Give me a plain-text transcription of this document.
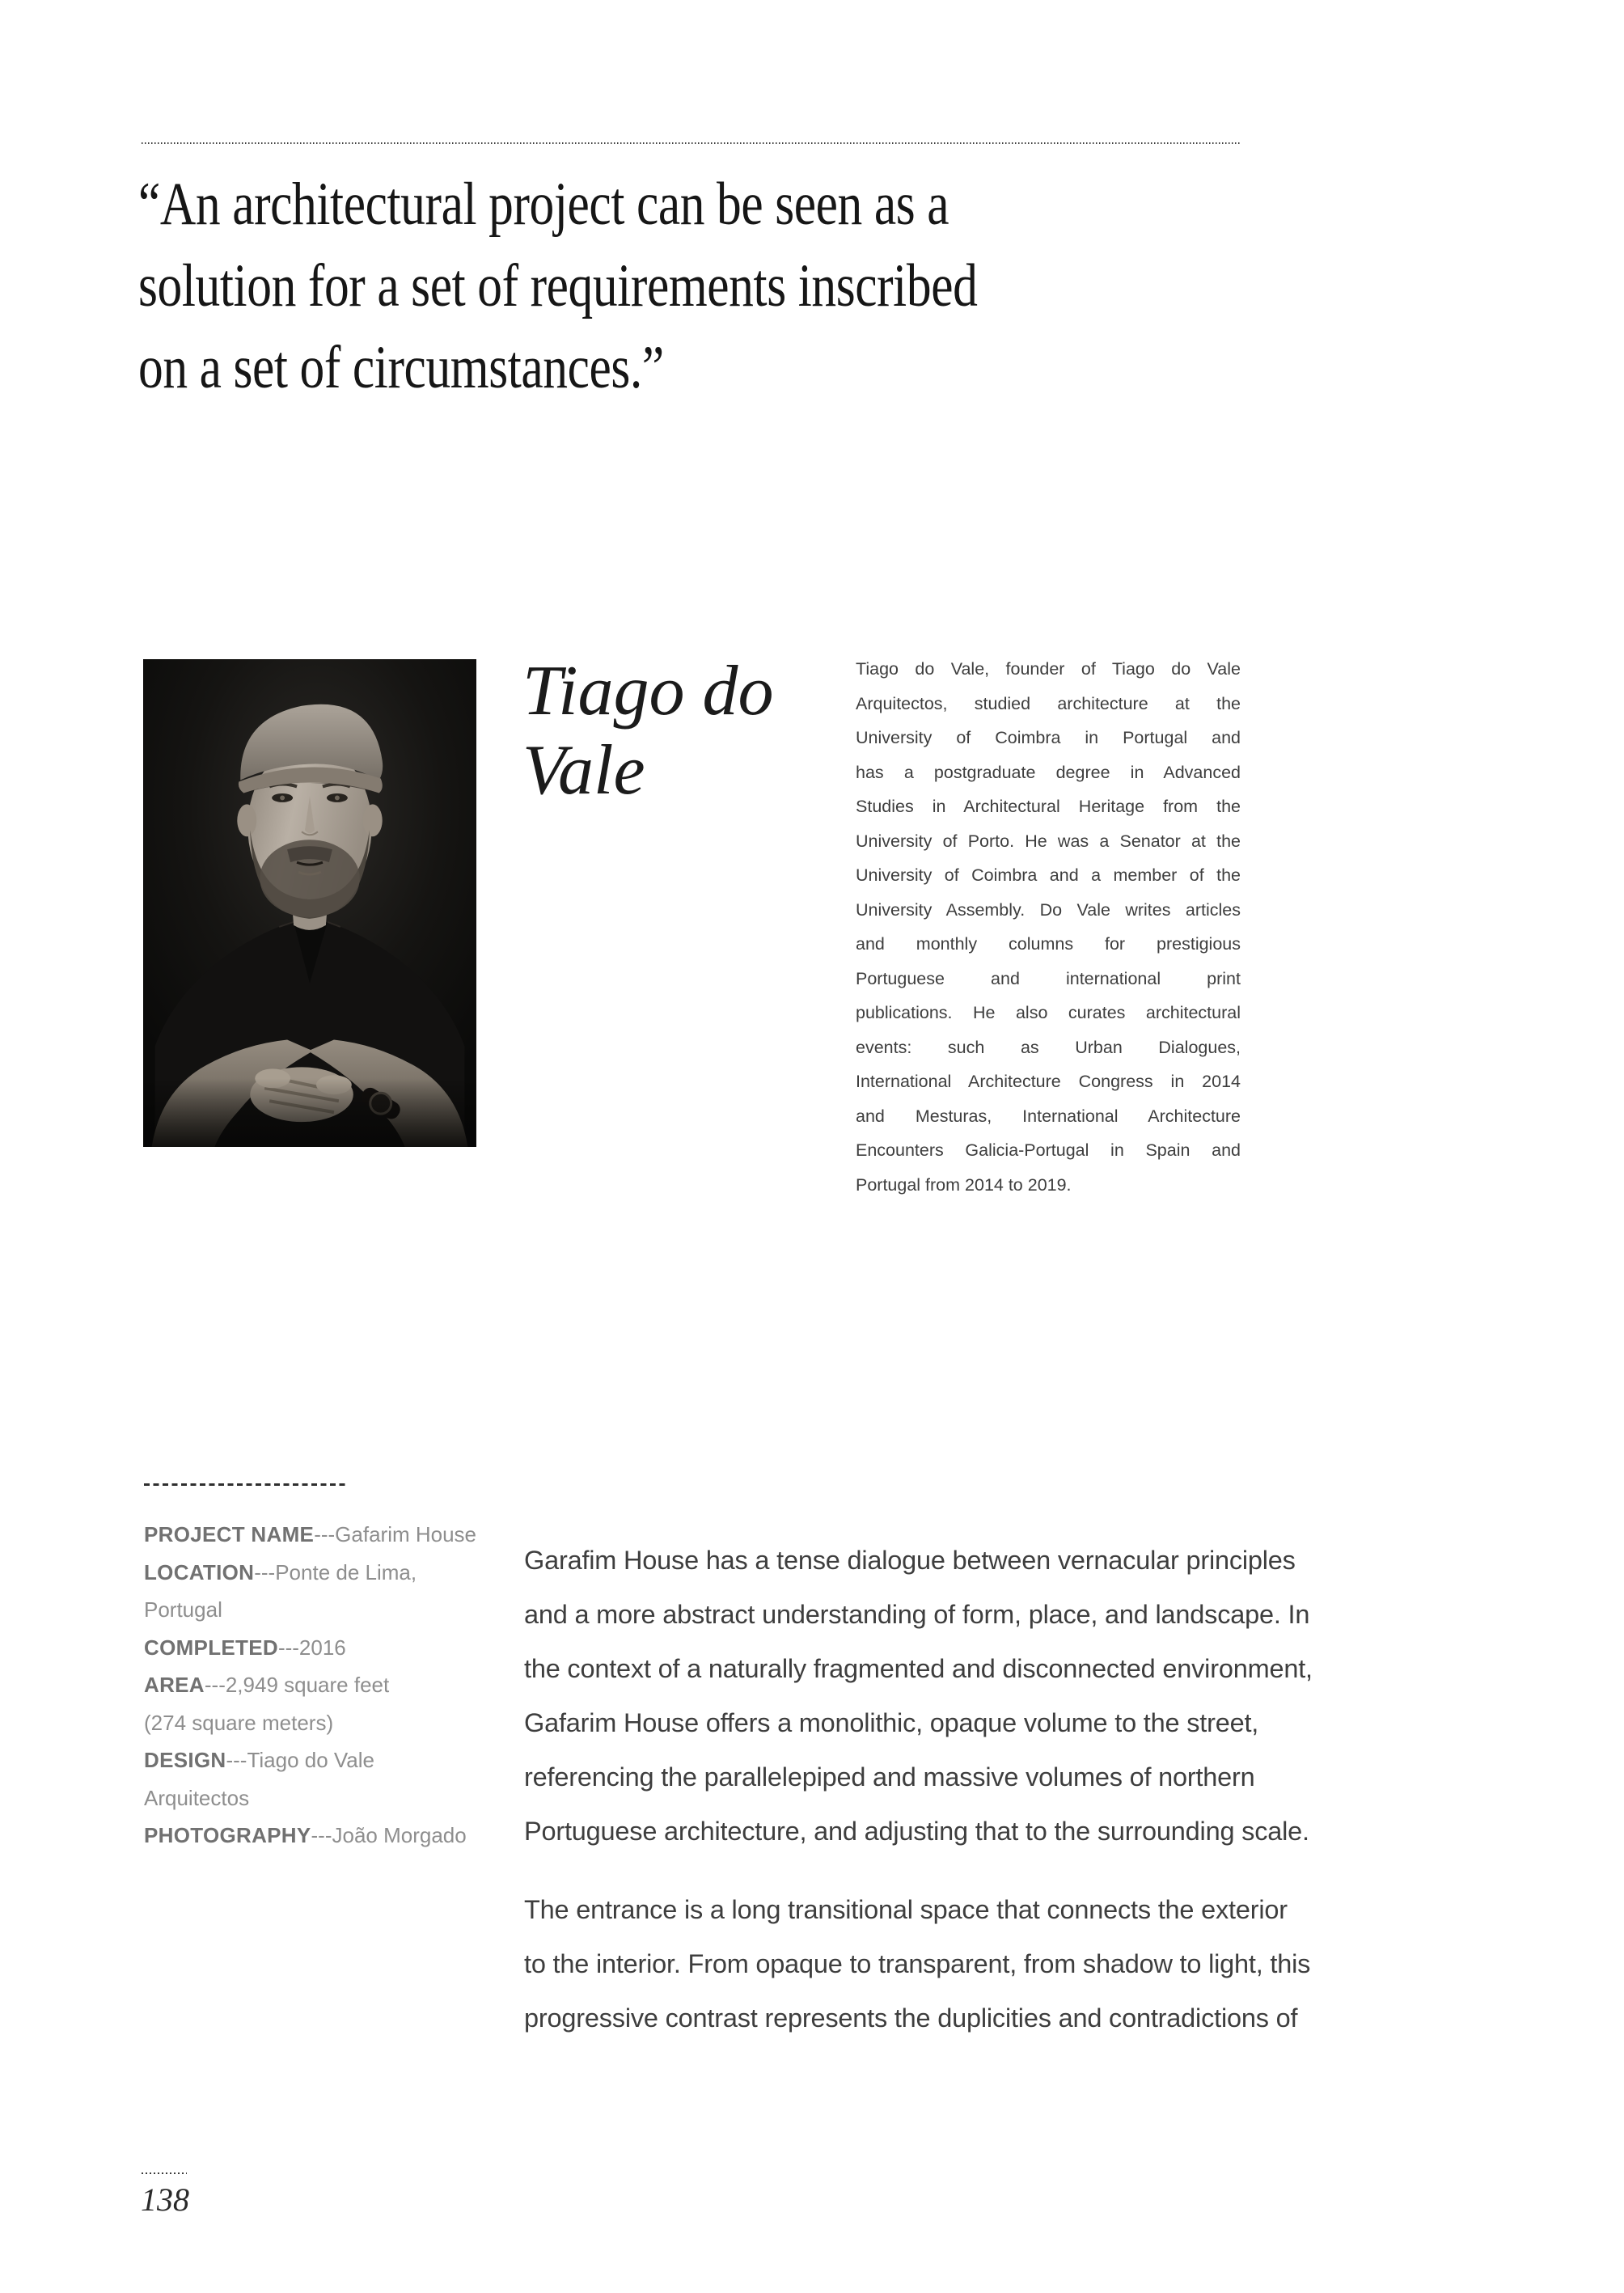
“An architectural project can be seen as a
solution for a set of requirements inscribed
on a set of circumstances.”
Tiago do
Vale
Tiago do Vale, founder of Tiago do Vale
Arquitectos, studied architecture at the
University of Coimbra in Portugal and
has a postgraduate degree in Advanced
Studies in Architectural Heritage from the
University of Porto. He was a Senator at the
University of Coimbra and a member of the
University Assembly. Do Vale writes articles
and monthly columns for prestigious
Portuguese and international print
publications. He also curates architectural
events: such as Urban Dialogues,
International Architecture Congress in 2014
and Mesturas, International Architecture
Encounters Galicia-Portugal in Spain and
Portugal from 2014 to 2019.
PROJECT NAME---Gafarim House
LOCATION---Ponte de Lima,
Portugal
COMPLETED---2016
AREA---2,949 square feet
(274 square meters)
DESIGN---Tiago do Vale
Arquitectos
PHOTOGRAPHY---João Morgado
Garafim House has a tense dialogue between vernacular principles
and a more abstract understanding of form, place, and landscape. In
the context of a naturally fragmented and disconnected environment,
Gafarim House offers a monolithic, opaque volume to the street,
referencing the parallelepiped and massive volumes of northern
Portuguese architecture, and adjusting that to the surrounding scale.
The entrance is a long transitional space that connects the exterior
to the interior. From opaque to transparent, from shadow to light, this
progressive contrast represents the duplicities and contradictions of
138
